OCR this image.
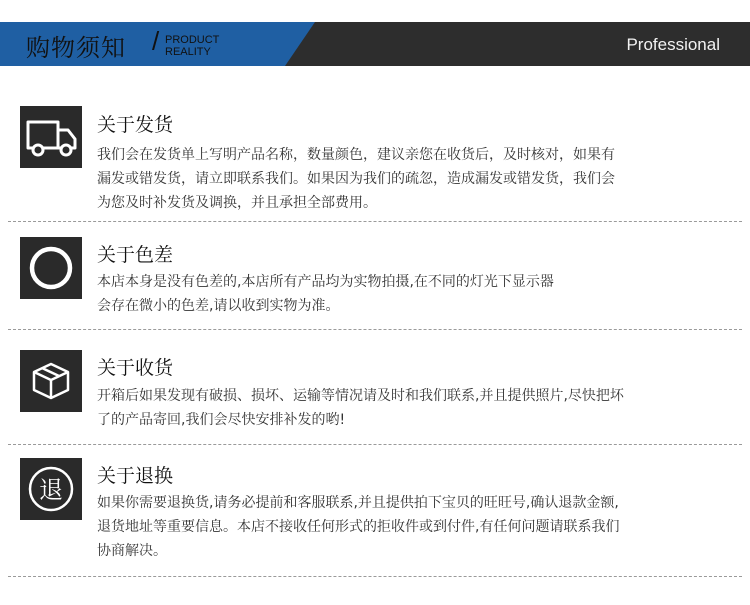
购物须知 / PRODUCT
REALITY	Professional
关于发货
我们会在发货单上写明产品名称，数量颜色，建议亲您在收货后，及时核对，如果有
漏发或错发货，请立即联系我们。如果因为我们的疏忽，造成漏发或错发货，我们会
为您及时补发货及调换，并且承担全部费用。
关于色差
本店本身是没有色差的,本店所有产品均为实物拍摄,在不同的灯光下显示器
会存在微小的色差,请以收到实物为准。
关于收货
开箱后如果发现有破损、损坏、运输等情况请及时和我们联系,并且提供照片,尽快把坏
了的产品寄回,我们会尽快安排补发的哟!
退 关于退换
如果你需要退换货,请务必提前和客服联系,并且提供拍下宝贝的旺旺号,确认退款金额,
退货地址等重要信息。本店不接收任何形式的拒收件或到付件,有任何问题请联系我们
协商解决。
